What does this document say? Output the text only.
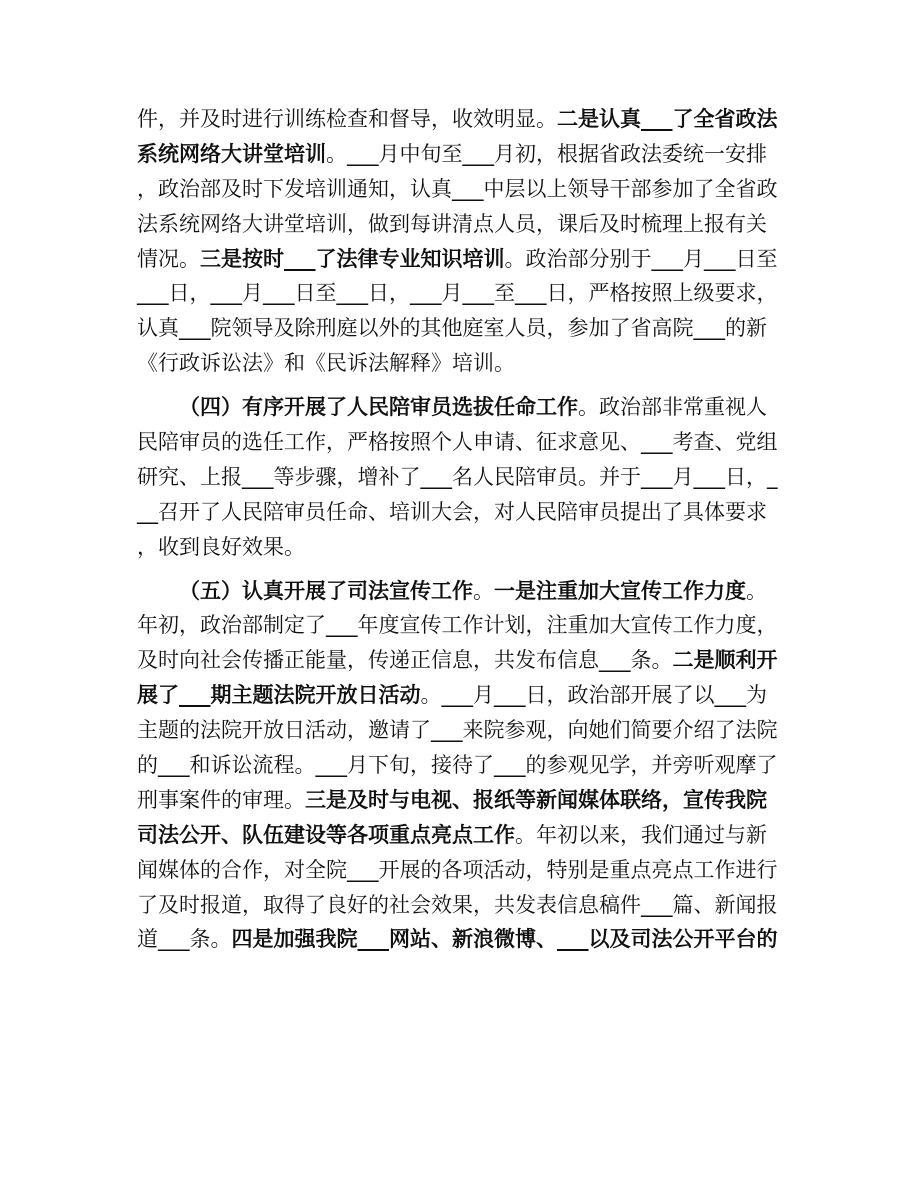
件，并及时进行训练检查和督导，收效明显。二是认真___了全省政法
系统网络大讲堂培训。___月中旬至___月初，根据省政法委统一安排
，政治部及时下发培训通知，认真___中层以上领导干部参加了全省政
法系统网络大讲堂培训，做到每讲清点人员，课后及时梳理上报有关
情况。三是按时___了法律专业知识培训。政治部分别于___月___日至
___日，___月___日至___日，___月___至___日，严格按照上级要求，
认真___院领导及除刑庭以外的其他庭室人员，参加了省高院___的新
《行政诉讼法》和《民诉法解释》培训。
（四）有序开展了人民陪审员选拔任命工作。政治部非常重视人
民陪审员的选任工作，严格按照个人申请、征求意见、___考查、党组
研究、上报___等步骤，增补了___名人民陪审员。并于___月___日，_
__召开了人民陪审员任命、培训大会，对人民陪审员提出了具体要求
，收到良好效果。
（五）认真开展了司法宣传工作。一是注重加大宣传工作力度。
年初，政治部制定了___年度宣传工作计划，注重加大宣传工作力度，
及时向社会传播正能量，传递正信息，共发布信息___条。二是顺利开
展了___期主题法院开放日活动。___月___日，政治部开展了以___为
主题的法院开放日活动，邀请了___来院参观，向她们简要介绍了法院
的___和诉讼流程。___月下旬，接待了___的参观见学，并旁听观摩了
刑事案件的审理。三是及时与电视、报纸等新闻媒体联络，宣传我院
司法公开、队伍建设等各项重点亮点工作。年初以来，我们通过与新
闻媒体的合作，对全院___开展的各项活动，特别是重点亮点工作进行
了及时报道，取得了良好的社会效果，共发表信息稿件___篇、新闻报
道___条。四是加强我院___网站、新浪微博、___以及司法公开平台的
